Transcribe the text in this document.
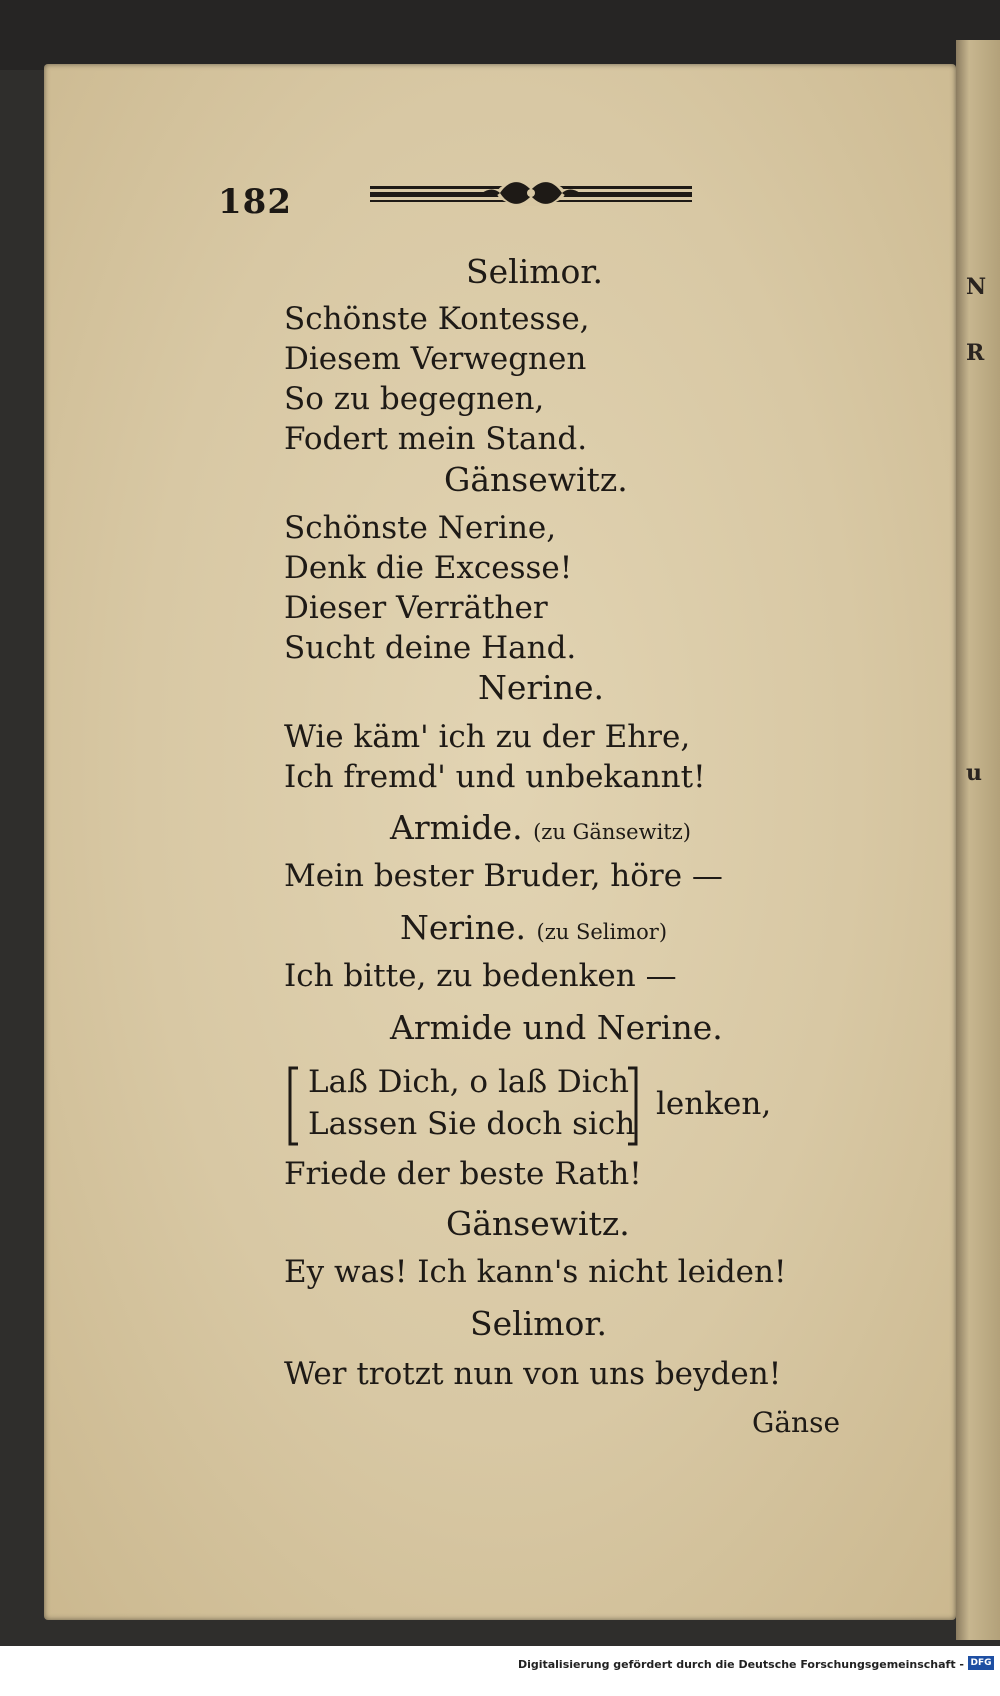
N
R
u
182
Selimor.
Schönste Kontesse,
Diesem Verwegnen
So zu begegnen,
Fodert mein Stand.
Gänsewitz.
Schönste Nerine,
Denk die Excesse!
Dieser Verräther
Sucht deine Hand.
Nerine.
Wie käm' ich zu der Ehre,
Ich fremd' und unbekannt!
Armide. (zu Gänsewitz)
Mein bester Bruder, höre —
Nerine. (zu Selimor)
Ich bitte, zu bedenken —
Armide und Nerine.
Laß Dich, o laß Dich
Lassen Sie doch sich
lenken,
Friede der beste Rath!
Gänsewitz.
Ey was! Ich kann's nicht leiden!
Selimor.
Wer trotzt nun von uns beyden!
Gänse
Digitalisierung gefördert durch die Deutsche Forschungsgemeinschaft - DFG
